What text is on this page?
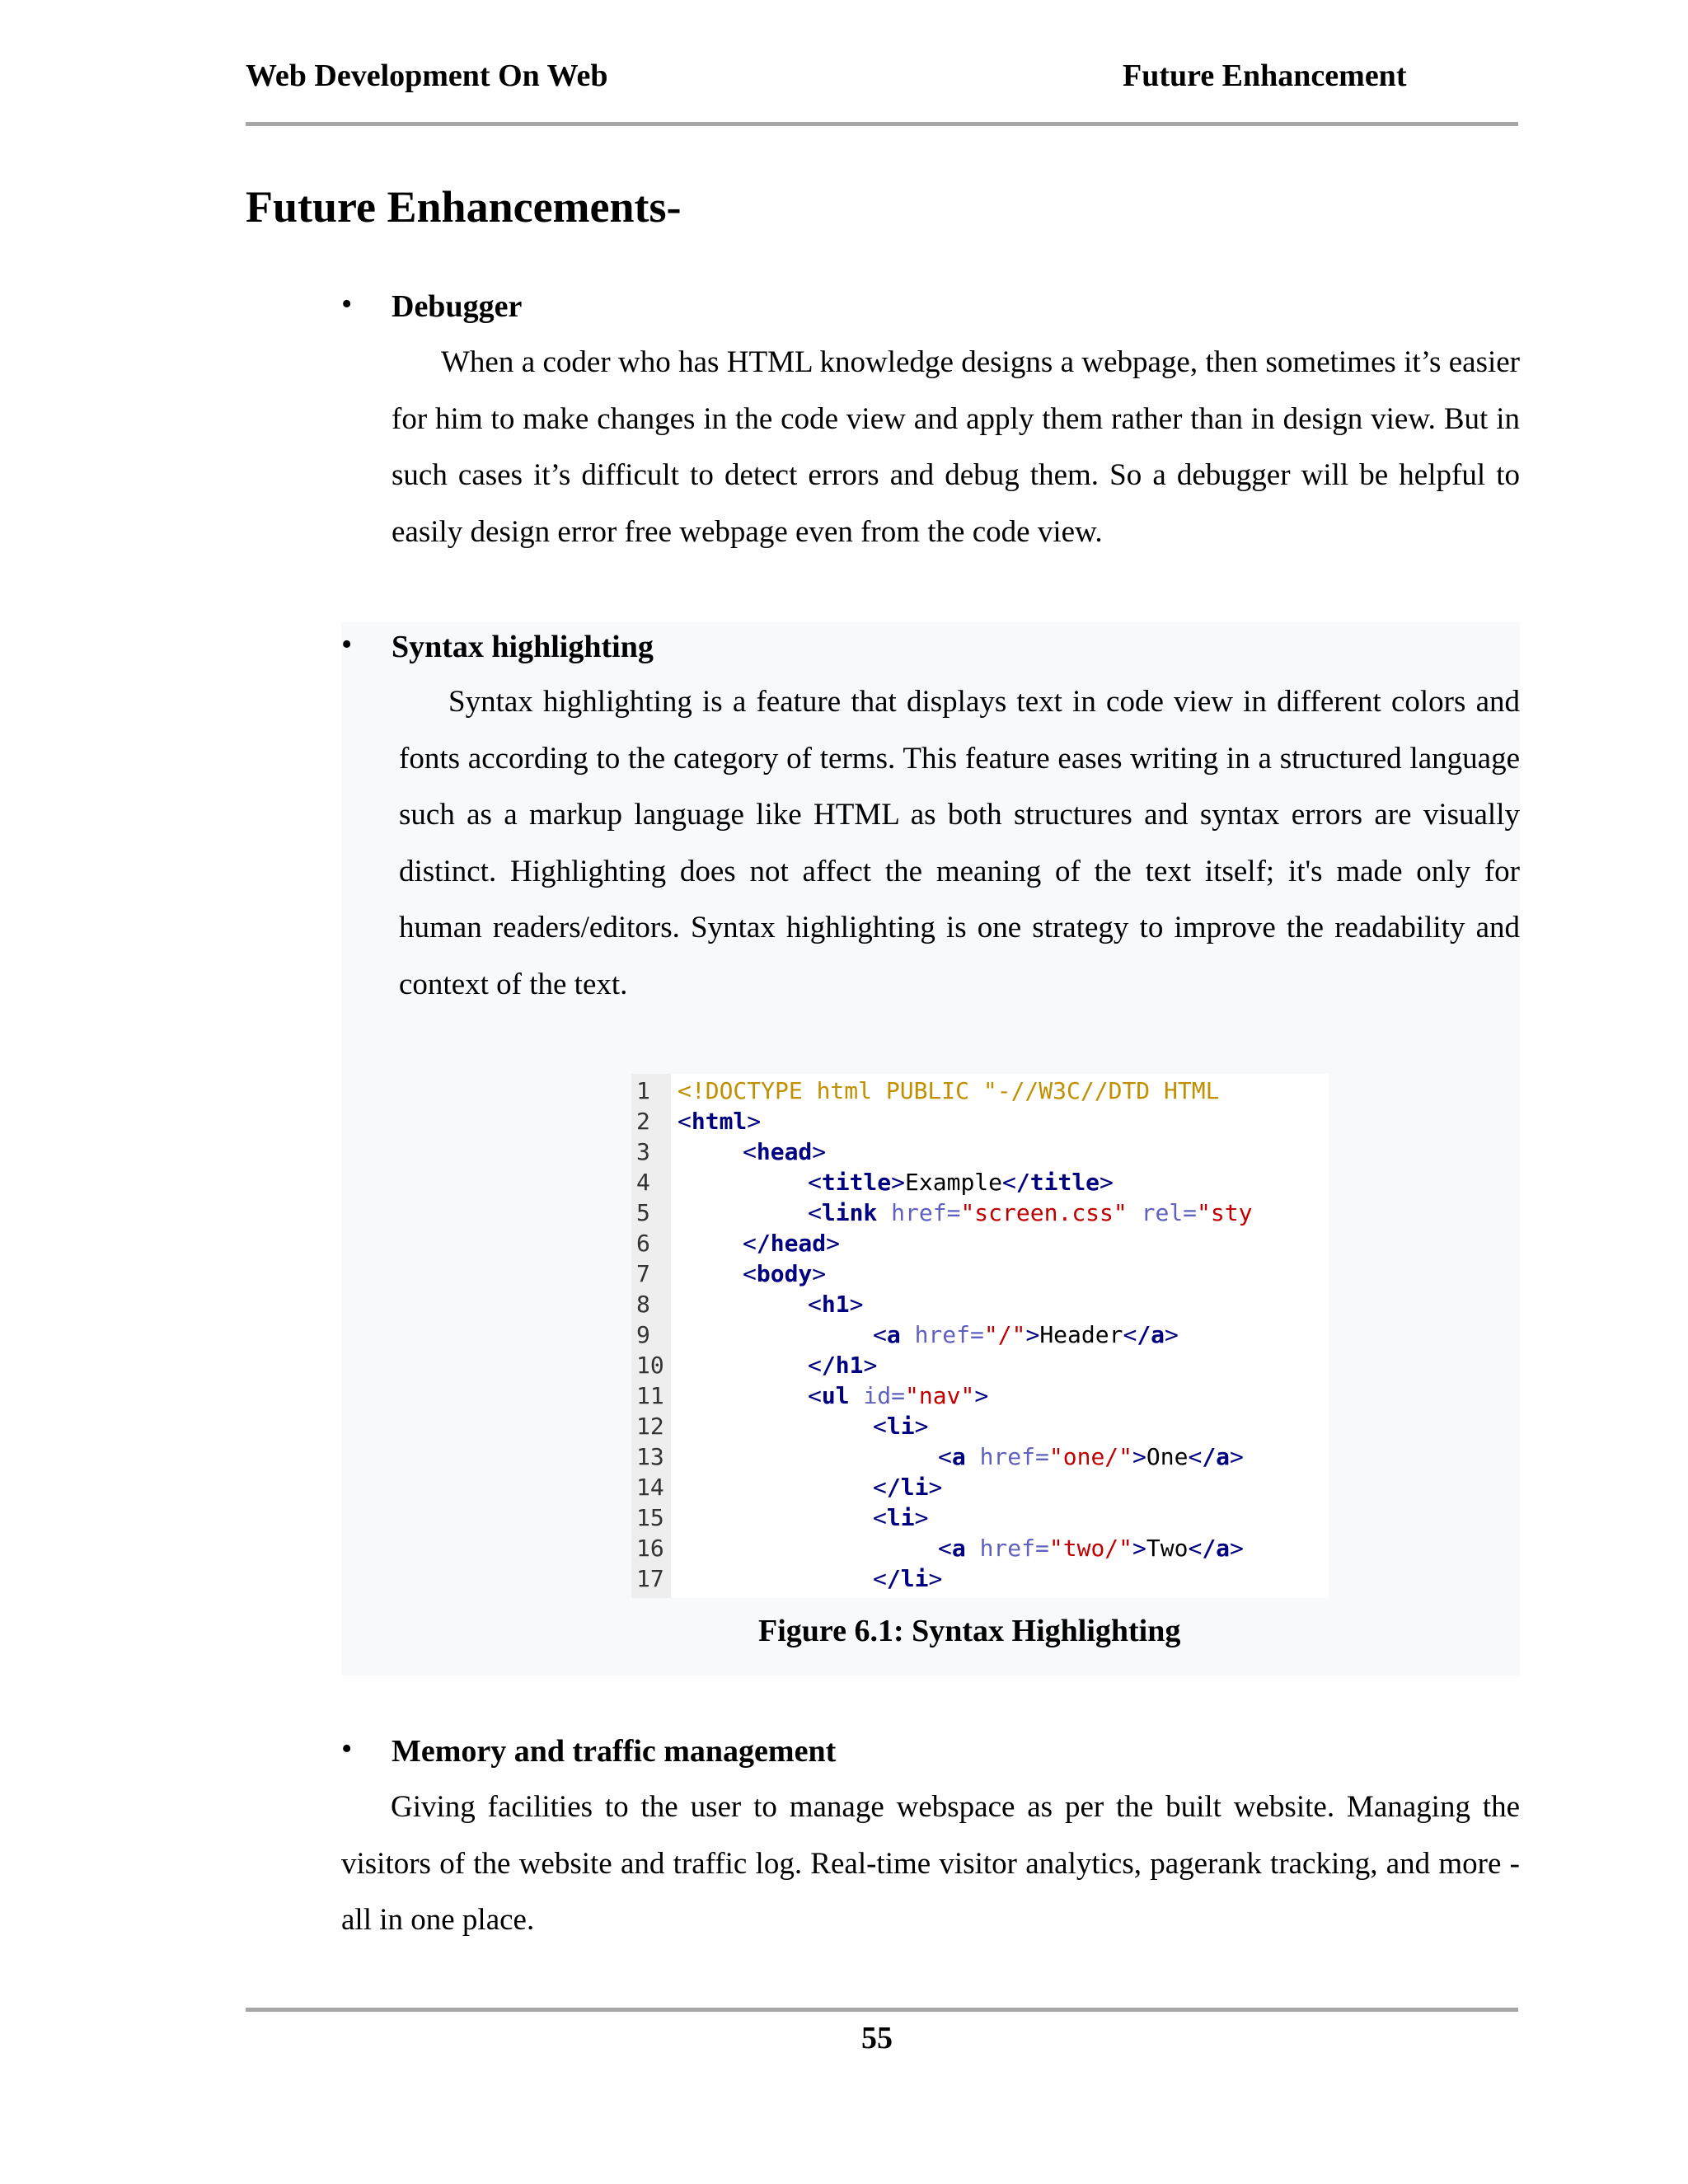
Web Development On Web	Future Enhancement
Future Enhancements-
• Debugger

When a coder who has HTML knowledge designs a webpage, then sometimes it’s easier for him to make changes in the code view and apply them rather than in design view. But in such cases it’s difficult to detect errors and debug them. So a debugger will be helpful to easily design error free webpage even from the code view.

• Syntax highlighting

Syntax highlighting is a feature that displays text in code view in different colors and fonts according to the category of terms. This feature eases writing in a structured language such as a markup language like HTML as both structures and syntax errors are visually distinct. Highlighting does not affect the meaning of the text itself; it's made only for human readers/editors. Syntax highlighting is one strategy to improve the readability and context of the text.

1 <!DOCTYPE html PUBLIC "-//W3C//DTD HTML
2 <html>
3	<head>
4	<title>Example</title>
5	<link href="screen.css" rel="sty
6	</head>
7	<body>
8	<h1>
9	<a href="/">Header</a>
10	</h1>
11	<ul id="nav">
12	<li>
13	<a href="one/">One</a>
14	</li>
15	<li>
16	<a href="two/">Two</a>
17	</li>
Figure 6.1: Syntax Highlighting
• Memory and traffic management

Giving facilities to the user to manage webspace as per the built website. Managing the visitors of the website and traffic log. Real-time visitor analytics, pagerank tracking, and more - all in one place.

55
